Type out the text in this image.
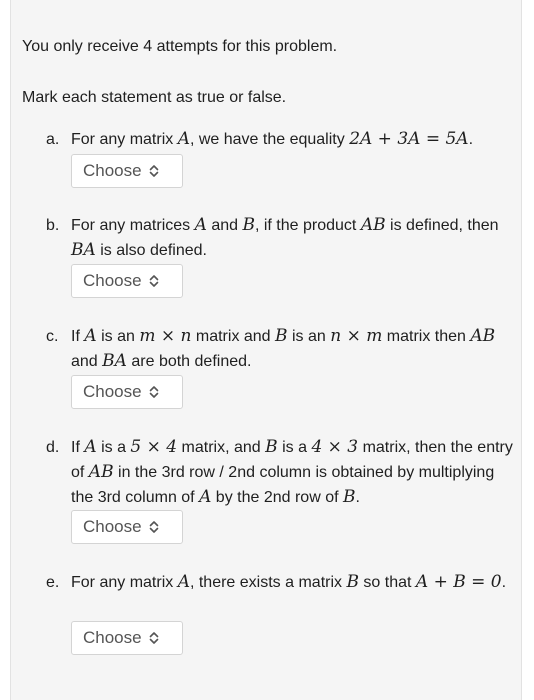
You only receive 4 attempts for this problem.

Mark each statement as true or false.

a. For any matrix A, we have the equality 2A + 3A = 5A.
Choose
b. For any matrices A and B, if the product AB is defined, then BA is also defined.
Choose
c. If A is an m × n matrix and B is an n × m matrix then AB and BA are both defined.
Choose
d. If A is a 5 × 4 matrix, and B is a 4 × 3 matrix, then the entry of AB in the 3rd row / 2nd column is obtained by multiplying the 3rd column of A by the 2nd row of B.
Choose
e. For any matrix A, there exists a matrix B so that A + B = 0.
Choose
